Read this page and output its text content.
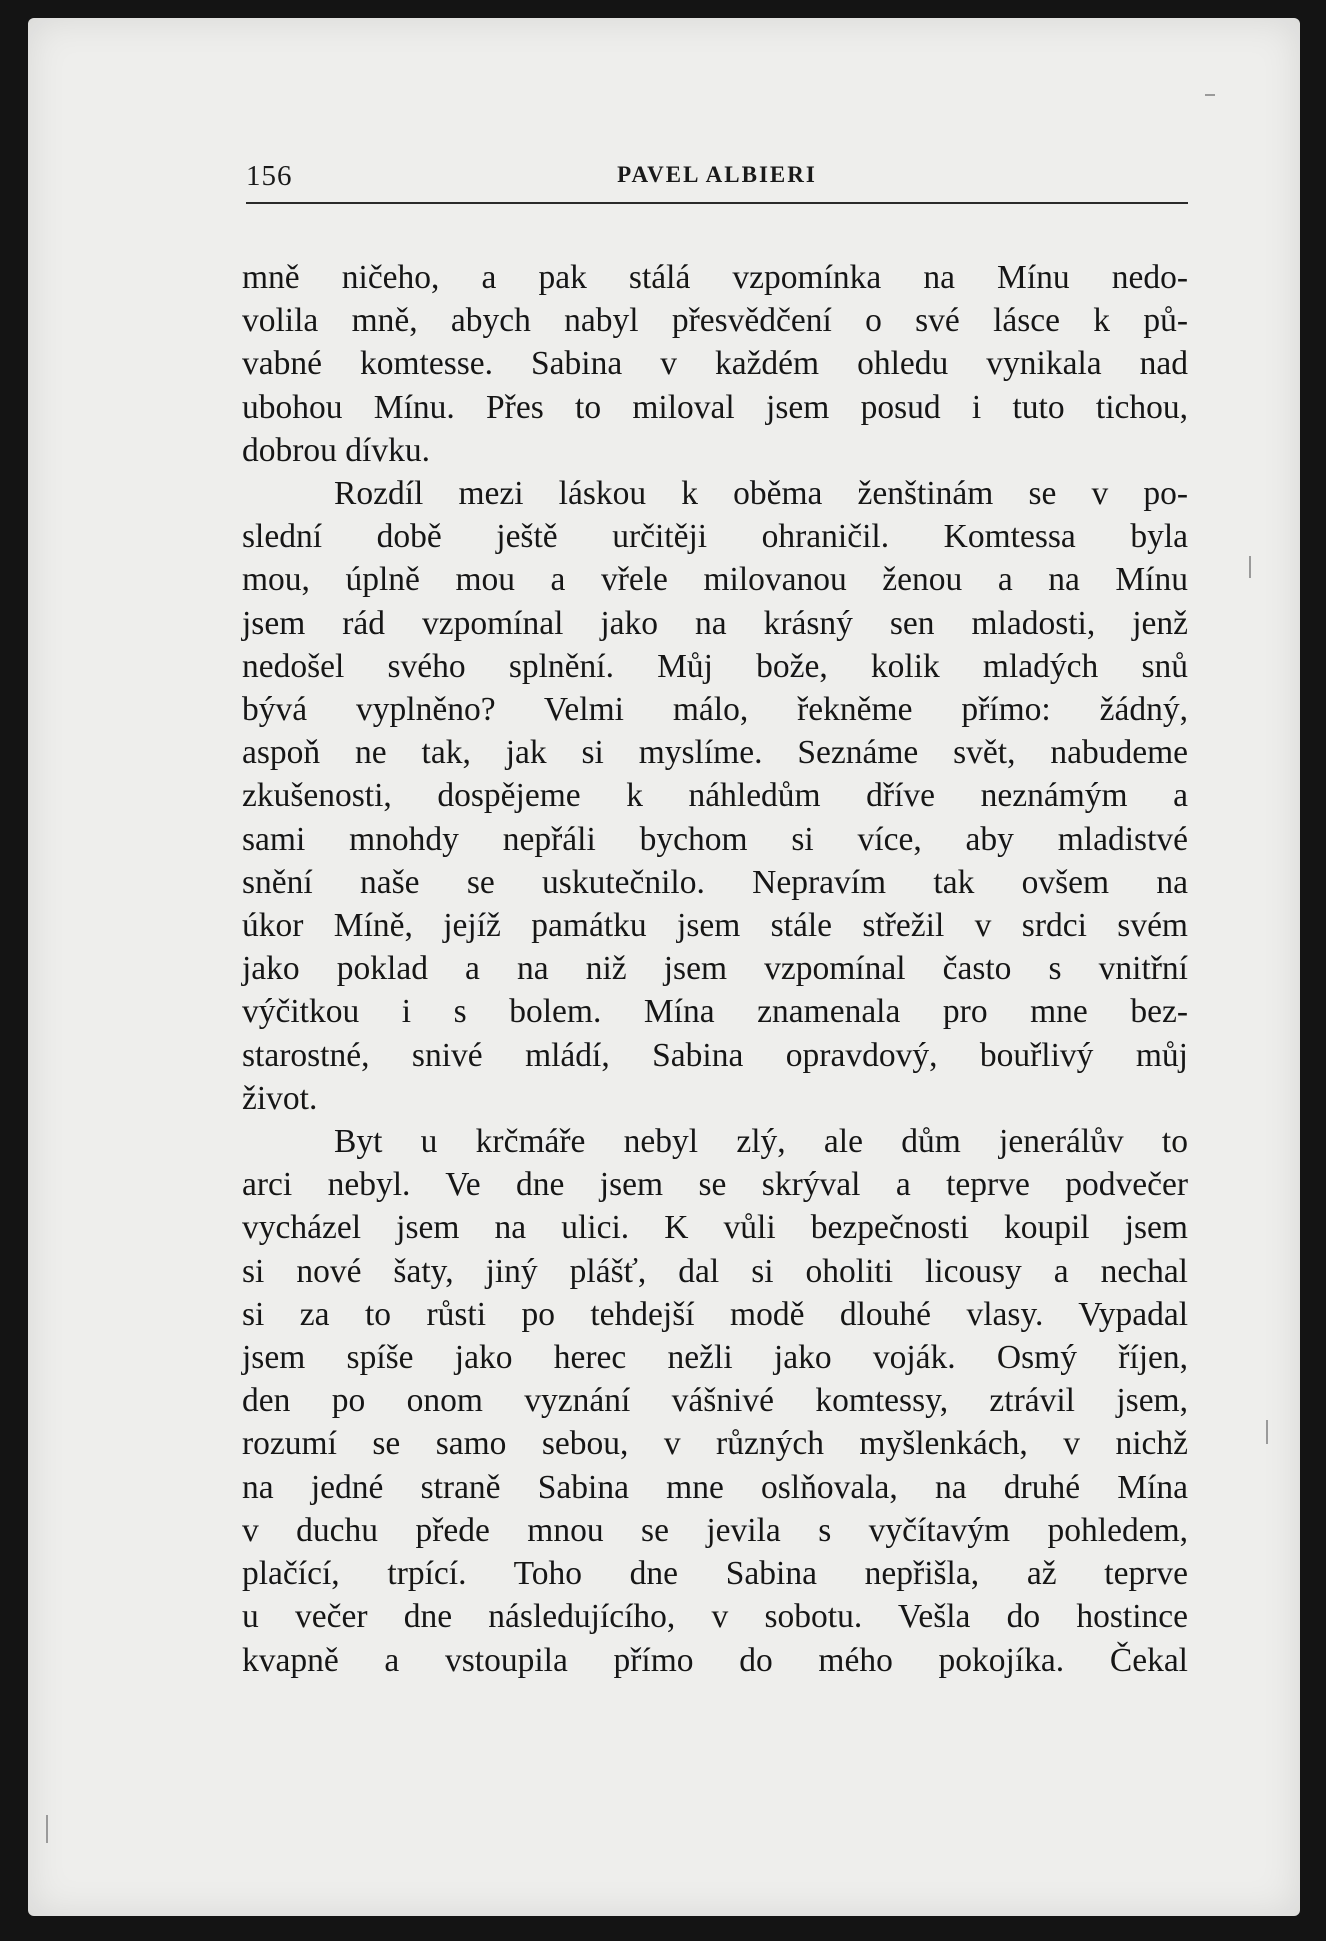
156	PAVEL ALBIERI
mně ničeho, a pak stálá vzpomínka na Mínu nedo-
volila mně, abych nabyl přesvědčení o své lásce k pů-
vabné komtesse. Sabina v každém ohledu vynikala nad
ubohou Mínu. Přes to miloval jsem posud i tuto tichou,
dobrou dívku.
Rozdíl mezi láskou k oběma ženštinám se v po-
slední době ještě určitěji ohraničil. Komtessa byla
mou, úplně mou a vřele milovanou ženou a na Mínu
jsem rád vzpomínal jako na krásný sen mladosti, jenž
nedošel svého splnění. Můj bože, kolik mladých snů
bývá vyplněno? Velmi málo, řekněme přímo: žádný,
aspoň ne tak, jak si myslíme. Seznáme svět, nabudeme
zkušenosti, dospějeme k náhledům dříve neznámým a
sami mnohdy nepřáli bychom si více, aby mladistvé
snění naše se uskutečnilo. Nepravím tak ovšem na
úkor Míně, jejíž památku jsem stále střežil v srdci svém
jako poklad a na niž jsem vzpomínal často s vnitřní
výčitkou i s bolem. Mína znamenala pro mne bez-
starostné, snivé mládí, Sabina opravdový, bouřlivý můj
život.
Byt u krčmáře nebyl zlý, ale dům jenerálův to
arci nebyl. Ve dne jsem se skrýval a teprve podvečer
vycházel jsem na ulici. K vůli bezpečnosti koupil jsem
si nové šaty, jiný plášť, dal si oholiti licousy a nechal
si za to růsti po tehdejší modě dlouhé vlasy. Vypadal
jsem spíše jako herec nežli jako voják. Osmý říjen,
den po onom vyznání vášnivé komtessy, ztrávil jsem,
rozumí se samo sebou, v různých myšlenkách, v nichž
na jedné straně Sabina mne oslňovala, na druhé Mína
v duchu přede mnou se jevila s vyčítavým pohledem,
plačící, trpící. Toho dne Sabina nepřišla, až teprve
u večer dne následujícího, v sobotu. Vešla do hostince
kvapně a vstoupila přímo do mého pokojíka. Čekal
